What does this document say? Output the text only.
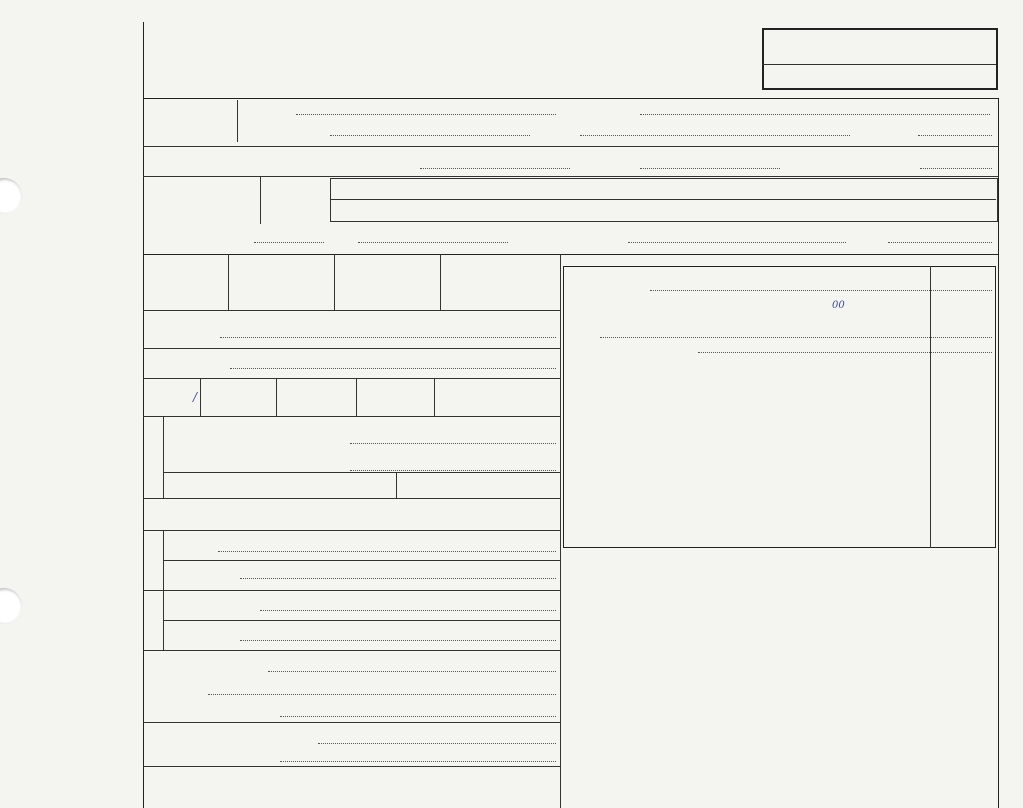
/
00
